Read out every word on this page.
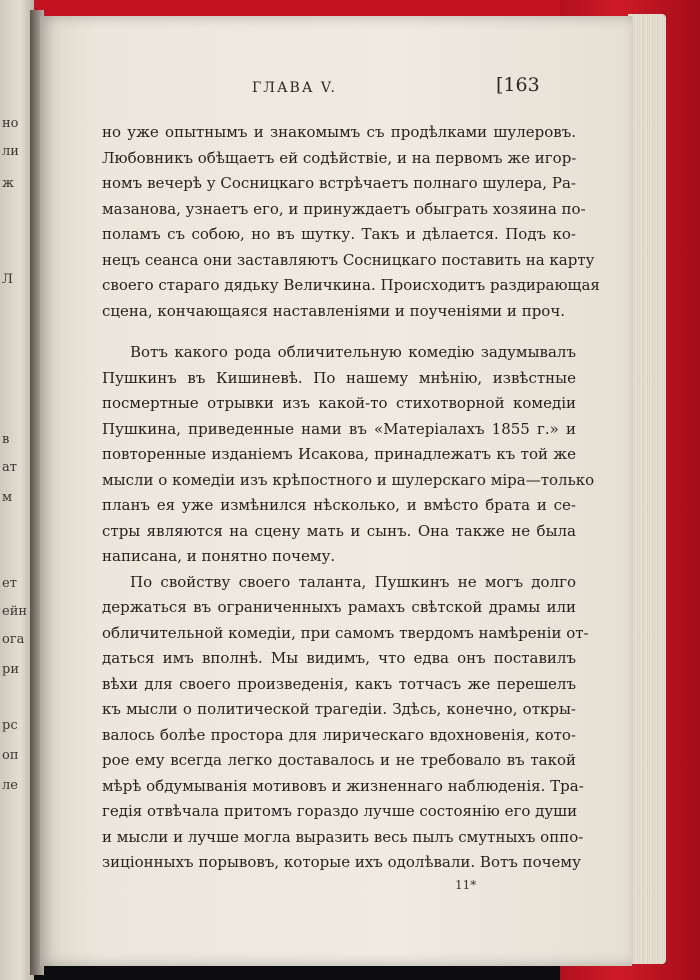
но
ли
ж
Л
в
ат
м
ет
ейн
ога
ри
рс
оп
ле
ГЛАВА V.	[163
но уже опытнымъ и знакомымъ съ продѣлками шулеровъ.
Любовникъ обѣщаетъ ей содѣйствіе, и на первомъ же игор-
номъ вечерѣ у Сосницкаго встрѣчаетъ полнаго шулера, Ра-
мазанова, узнаетъ его, и принуждаетъ обыграть хозяина по-
поламъ съ собою, но въ шутку. Такъ и дѣлается. Подъ ко-
нецъ сеанса они заставляютъ Сосницкаго поставить на карту
своего стараго дядьку Величкина. Происходитъ раздирающая
сцена, кончающаяся наставленіями и поученіями и проч.
Вотъ какого рода обличительную комедію задумывалъ
Пушкинъ въ Кишиневѣ. По нашему мнѣнію, извѣстные
посмертные отрывки изъ какой-то стихотворной комедіи
Пушкина, приведенные нами въ «Матеріалахъ 1855 г.» и
повторенные изданіемъ Исакова, принадлежатъ къ той же
мысли о комедіи изъ крѣпостного и шулерскаго міра—только
планъ ея уже измѣнился нѣсколько, и вмѣсто брата и се-
стры являются на сцену мать и сынъ. Она также не была
написана, и понятно почему.
По свойству своего таланта, Пушкинъ не могъ долго
держаться въ ограниченныхъ рамахъ свѣтской драмы или
обличительной комедіи, при самомъ твердомъ намѣреніи от-
даться имъ вполнѣ. Мы видимъ, что едва онъ поставилъ
вѣхи для своего произведенія, какъ тотчасъ же перешелъ
къ мысли о политической трагедіи. Здѣсь, конечно, откры-
валось болѣе простора для лирическаго вдохновенія, кото-
рое ему всегда легко доставалось и не требовало въ такой
мѣрѣ обдумыванія мотивовъ и жизненнаго наблюденія. Тра-
гедія отвѣчала притомъ гораздо лучше состоянію его души
и мысли и лучше могла выразить весь пылъ смутныхъ оппо-
зиціонныхъ порывовъ, которые ихъ одолѣвали. Вотъ почему
11*
